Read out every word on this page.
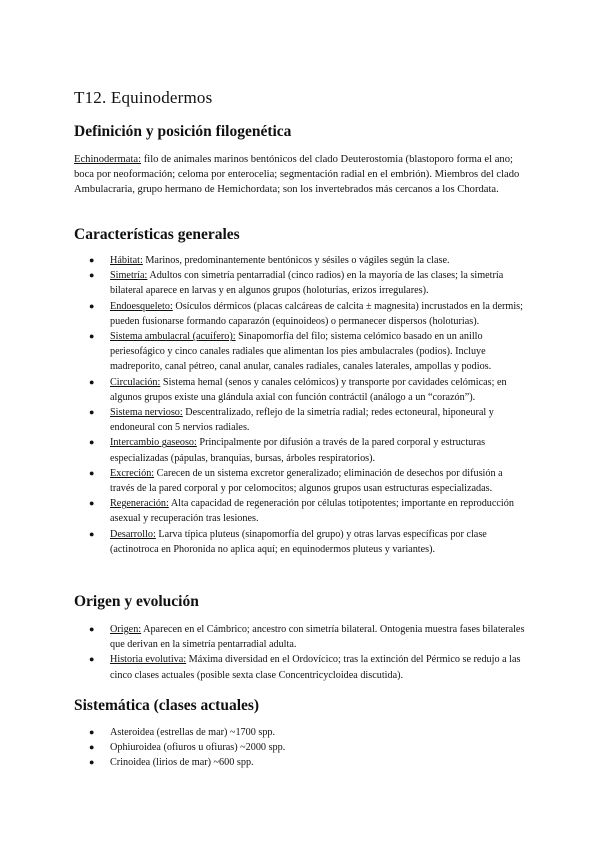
T12. Equinodermos
Definición y posición filogenética

Echinodermata: filo de animales marinos bentónicos del clado Deuterostomia (blastoporo forma el ano; boca por neoformación; celoma por enterocelia; segmentación radial en el embrión). Miembros del clado Ambulacraria, grupo hermano de Hemichordata; son los invertebrados más cercanos a los Chordata.

Características generales
● Hábitat: Marinos, predominantemente bentónicos y sésiles o vágiles según la clase.
● Simetría: Adultos con simetría pentarradial (cinco radios) en la mayoría de las clases; la simetría bilateral aparece en larvas y en algunos grupos (holoturias, erizos irregulares).
● Endoesqueleto: Osículos dérmicos (placas calcáreas de calcita ± magnesita) incrustados en la dermis; pueden fusionarse formando caparazón (equinoideos) o permanecer dispersos (holoturias).
● Sistema ambulacral (acuífero): Sinapomorfía del filo; sistema celómico basado en un anillo periesofágico y cinco canales radiales que alimentan los pies ambulacrales (podios). Incluye madreporito, canal pétreo, canal anular, canales radiales, canales laterales, ampollas y podios.
● Circulación: Sistema hemal (senos y canales celómicos) y transporte por cavidades celómicas; en algunos grupos existe una glándula axial con función contráctil (análogo a un “corazón”).
● Sistema nervioso: Descentralizado, reflejo de la simetría radial; redes ectoneural, hiponeural y endoneural con 5 nervios radiales.
● Intercambio gaseoso: Principalmente por difusión a través de la pared corporal y estructuras especializadas (pápulas, branquias, bursas, árboles respiratorios).
● Excreción: Carecen de un sistema excretor generalizado; eliminación de desechos por difusión a través de la pared corporal y por celomocitos; algunos grupos usan estructuras especializadas.
● Regeneración: Alta capacidad de regeneración por células totipotentes; importante en reproducción asexual y recuperación tras lesiones.
● Desarrollo: Larva típica pluteus (sinapomorfía del grupo) y otras larvas específicas por clase (actinotroca en Phoronida no aplica aquí; en equinodermos pluteus y variantes).
Origen y evolución
● Origen: Aparecen en el Cámbrico; ancestro con simetría bilateral. Ontogenia muestra fases bilaterales que derivan en la simetría pentarradial adulta.
● Historia evolutiva: Máxima diversidad en el Ordovícico; tras la extinción del Pérmico se redujo a las cinco clases actuales (posible sexta clase Concentricycloidea discutida).
Sistemática (clases actuales)
● Asteroidea (estrellas de mar) ~1700 spp.
● Ophiuroidea (ofiuros u ofiuras) ~2000 spp.
● Crinoidea (lirios de mar) ~600 spp.
